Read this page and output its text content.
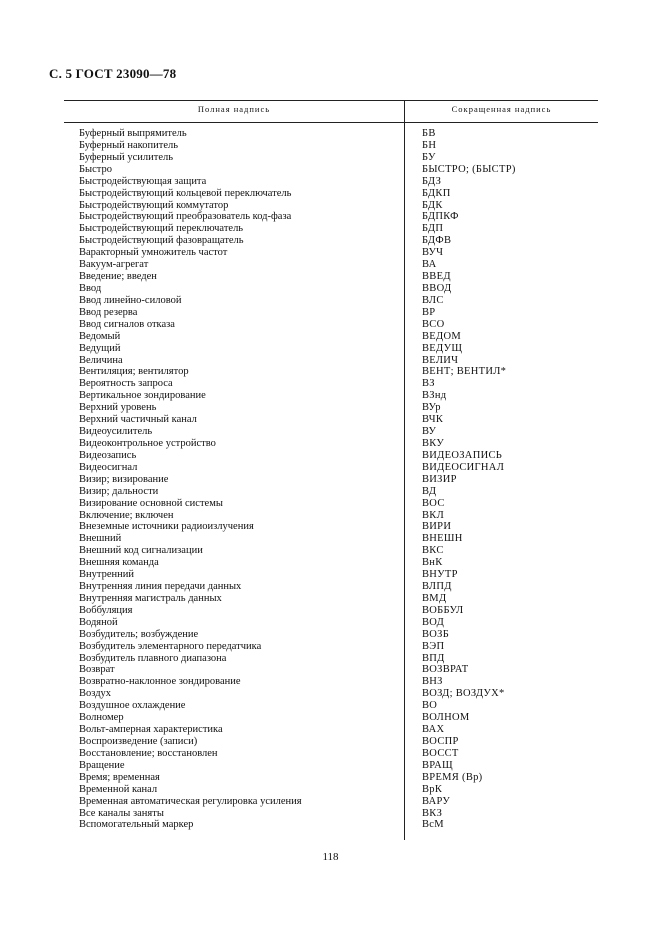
С. 5 ГОСТ 23090—78
Полная надпись	Сокращенная надпись
Буферный выпрямитель	БВ
Буферный накопитель	БН
Буферный усилитель	БУ
Быстро	БЫСТРО; (БЫСТР)
Быстродействующая защита	БДЗ
Быстродействующий кольцевой переключатель	БДКП
Быстродействующий коммутатор	БДК
Быстродействующий преобразователь код-фаза	БДПКФ
Быстродействующий переключатель	БДП
Быстродействующий фазовращатель	БДФВ
Варакторный умножитель частот	ВУЧ
Вакуум-агрегат	ВА
Введение; введен	ВВЕД
Ввод	ВВОД
Ввод линейно-силовой	ВЛС
Ввод резерва	ВР
Ввод сигналов отказа	ВСО
Ведомый	ВЕДОМ
Ведущий	ВЕДУЩ
Величина	ВЕЛИЧ
Вентиляция; вентилятор	ВЕНТ; ВЕНТИЛ*
Вероятность запроса	ВЗ
Вертикальное зондирование	ВЗнд
Верхний уровень	ВУр
Верхний частичный канал	ВЧК
Видеоусилитель	ВУ
Видеоконтрольное устройство	ВКУ
Видеозапись	ВИДЕОЗАПИСЬ
Видеосигнал	ВИДЕОСИГНАЛ
Визир; визирование	ВИЗИР
Визир; дальности	ВД
Визирование основной системы	ВОС
Включение; включен	ВКЛ
Внеземные источники радиоизлучения	ВИРИ
Внешний	ВНЕШН
Внешний код сигнализации	ВКС
Внешняя команда	ВнК
Внутренний	ВНУТР
Внутренняя линия передачи данных	ВЛПД
Внутренняя магистраль данных	ВМД
Воббуляция	ВОББУЛ
Водяной	ВОД
Возбудитель; возбуждение	ВОЗБ
Возбудитель элементарного передатчика	ВЭП
Возбудитель плавного диапазона	ВПД
Возврат	ВОЗВРАТ
Возвратно-наклонное зондирование	ВНЗ
Воздух	ВОЗД; ВОЗДУХ*
Воздушное охлаждение	ВО
Волномер	ВОЛНОМ
Вольт-амперная характеристика	ВАХ
Воспроизведение (записи)	ВОСПР
Восстановление; восстановлен	ВОССТ
Вращение	ВРАЩ
Время; временная	ВРЕМЯ (Вр)
Временной канал	ВрК
Временная автоматическая регулировка усиления	ВАРУ
Все каналы заняты	ВКЗ
Вспомогательный маркер	ВсМ
118
